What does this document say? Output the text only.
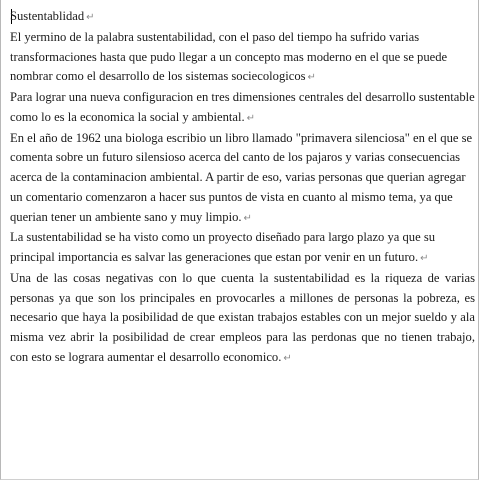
Sustentablidad ↵

El yermino de la palabra sustentabilidad, con el paso del tiempo ha sufrido varias transformaciones hasta que pudo llegar a un concepto mas moderno en el que se puede nombrar como el desarrollo de los sistemas sociecologicos ↵

Para lograr una nueva configuracion en tres dimensiones centrales del desarrollo sustentable como lo es la economica la social y ambiental. ↵

En el año de 1962 una biologa escribio un libro llamado "primavera silenciosa" en el que se comenta sobre un futuro silensioso acerca del canto de los pajaros y varias consecuencias acerca de la contaminacion ambiental. A partir de eso, varias personas que querian agregar un comentario comenzaron a hacer sus puntos de vista en cuanto al mismo tema, ya que querian tener un ambiente sano y muy limpio. ↵

La sustentabilidad se ha visto como un proyecto diseñado para largo plazo ya que su principal importancia es salvar las generaciones que estan por venir en un futuro. ↵

Una de las cosas negativas con lo que cuenta la sustentabilidad es la riqueza de varias personas ya que son los principales en provocarles a millones de personas la pobreza, es necesario que haya la posibilidad de que existan trabajos estables con un mejor sueldo y ala misma vez abrir la posibilidad de crear empleos para las perdonas que no tienen trabajo, con esto se lograra aumentar el desarrollo economico. ↵
